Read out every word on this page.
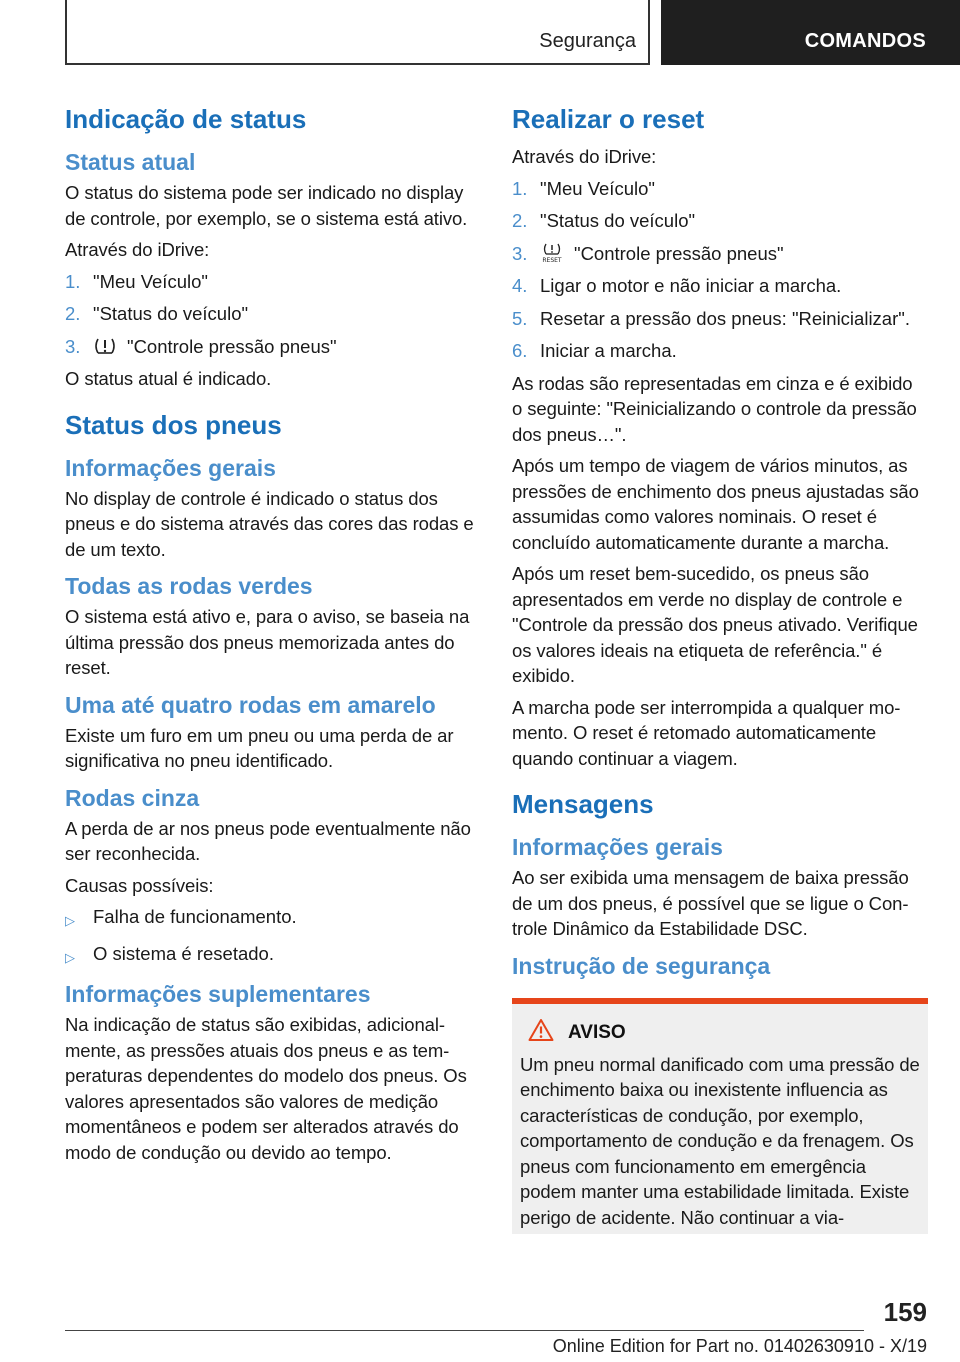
Segurança	COMANDOS
Indicação de status
Status atual

O status do sistema pode ser indicado no display de controle, por exemplo, se o sistema está ativo.

Através do iDrive:

1. "Meu Veículo"
2. "Status do veículo"
3.	"Controle pressão pneus"

O status atual é indicado.

Status dos pneus
Informações gerais

No display de controle é indicado o status dos pneus e do sistema através das cores das rodas e de um texto.

Todas as rodas verdes

O sistema está ativo e, para o aviso, se baseia na última pressão dos pneus memorizada antes do reset.

Uma até quatro rodas em amarelo

Existe um furo em um pneu ou uma perda de ar significativa no pneu identificado.

Rodas cinza

A perda de ar nos pneus pode eventualmente não ser reconhecida.

Causas possíveis:

▷ Falha de funcionamento.
▷ O sistema é resetado.
Informações suplementares

Na indicação de status são exibidas, adicionalmente, as pressões atuais dos pneus e as temperaturas dependentes do modelo dos pneus. Os valores apresentados são valores de medição momentâneos e podem ser alterados através do modo de condução ou devido ao tempo.

Realizar o reset

Através do iDrive:

1. "Meu Veículo"
2. "Status do veículo"
3.	RESET "Controle pressão pneus"
4. Ligar o motor e não iniciar a marcha.
5. Resetar a pressão dos pneus: "Reinicializar".
6. Iniciar a marcha.

As rodas são representadas em cinza e é exibido o seguinte: "Reinicializando o controle da pressão dos pneus…".

Após um tempo de viagem de vários minutos, as pressões de enchimento dos pneus ajustadas são assumidas como valores nominais. O reset é concluído automaticamente durante a marcha.

Após um reset bem-sucedido, os pneus são apresentados em verde no display de controle e "Controle da pressão dos pneus ativado. Verifique os valores ideais na etiqueta de referência." é exibido.

A marcha pode ser interrompida a qualquer momento. O reset é retomado automaticamente quando continuar a viagem.

Mensagens
Informações gerais

Ao ser exibida uma mensagem de baixa pressão de um dos pneus, é possível que se ligue o Controle Dinâmico da Estabilidade DSC.

Instrução de segurança
AVISO

Um pneu normal danificado com uma pressão de enchimento baixa ou inexistente influencia as características de condução, por exemplo, comportamento de condução e da frenagem. Os pneus com funcionamento em emergência podem manter uma estabilidade limitada. Existe perigo de acidente. Não continuar a via-

159
Online Edition for Part no. 01402630910 - X/19
